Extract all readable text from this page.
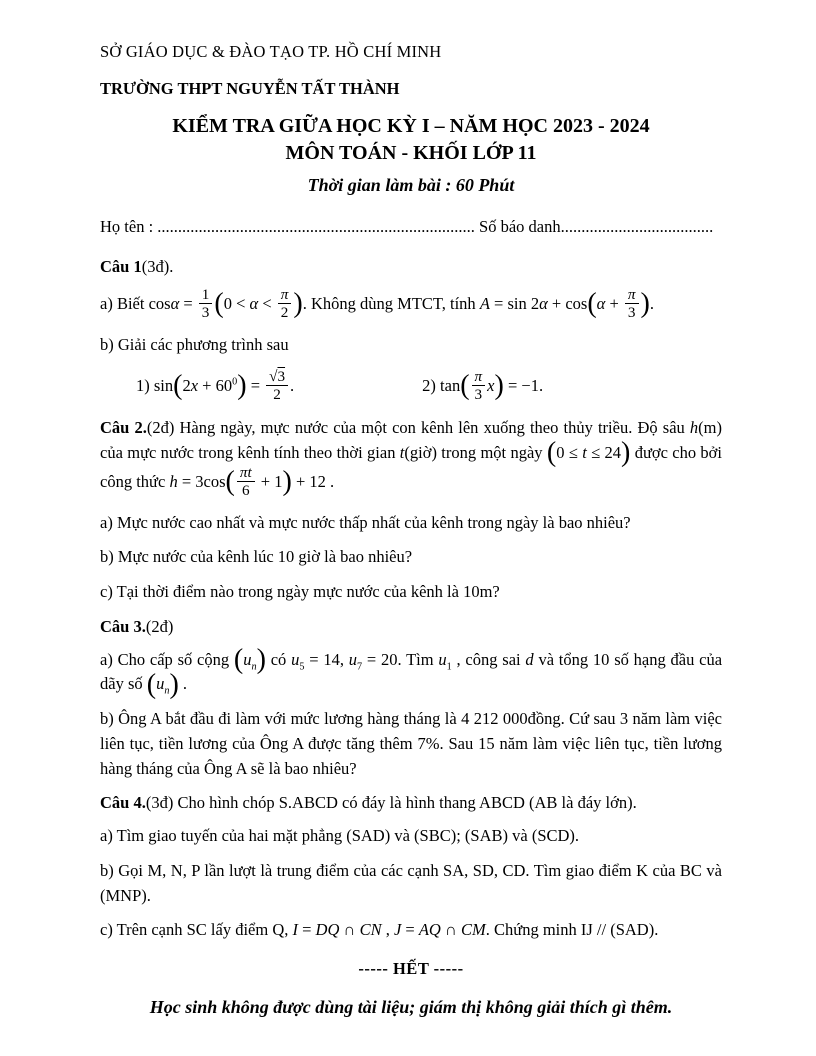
SỞ GIÁO DỤC & ĐÀO TẠO TP. HỒ CHÍ MINH

TRƯỜNG THPT NGUYỄN TẤT THÀNH

KIỂM TRA GIỮA HỌC KỲ I – NĂM HỌC 2023 - 2024

MÔN TOÁN - KHỐI LỚP 11

Thời gian làm bài : 60 Phút

Họ tên : ............................................................................. Số báo danh.....................................

Câu 1(3đ).

a) Biết $\cos\alpha = \frac{1}{3} (0 < \alpha < \frac{\pi}{2}$ ). Không dùng MTCT, tính $A = \sin 2\alpha + \cos(\alpha + \frac{\pi}{3}$ ).

b) Giải các phương trình sau

1) $\sin(2x + 60^0) = \frac{√3}{2}$ .	2) $\tan( \frac{\pi}{3} x) = -1$.

Câu 2.(2đ) Hàng ngày, mực nước của một con kênh lên xuống theo thủy triều. Độ sâu h(m) của mực nước trong kênh tính theo thời gian t(giờ) trong một ngày (0 ≤ t ≤ 24) được cho bởi công thức $h = 3\cos( \frac{\pi t}{6} + 1) + 12$ .

a) Mực nước cao nhất và mực nước thấp nhất của kênh trong ngày là bao nhiêu?

b) Mực nước của kênh lúc 10 giờ là bao nhiêu?

c) Tại thời điểm nào trong ngày mực nước của kênh là 10m?

Câu 3.(2đ)

a) Cho cấp số cộng $(u_n)$ có $u_5 = 14$, $u_7 = 20$. Tìm $u_1$ , công sai d và tổng 10 số hạng đầu của dãy số $(u_n)$ .

b) Ông A bắt đầu đi làm với mức lương hàng tháng là 4 212 000đồng. Cứ sau 3 năm làm việc liên tục, tiền lương của Ông A được tăng thêm 7%. Sau 15 năm làm việc liên tục, tiền lương hàng tháng của Ông A sẽ là bao nhiêu?

Câu 4.(3đ) Cho hình chóp S.ABCD có đáy là hình thang ABCD (AB là đáy lớn).

a) Tìm giao tuyến của hai mặt phẳng (SAD) và (SBC); (SAB) và (SCD).

b) Gọi M, N, P lần lượt là trung điểm của các cạnh SA, SD, CD. Tìm giao điểm K của BC và (MNP).

c) Trên cạnh SC lấy điểm Q, I = DQ ∩ CN , J = AQ ∩ CM. Chứng minh IJ // (SAD).

----- HẾT -----

Học sinh không được dùng tài liệu; giám thị không giải thích gì thêm.
